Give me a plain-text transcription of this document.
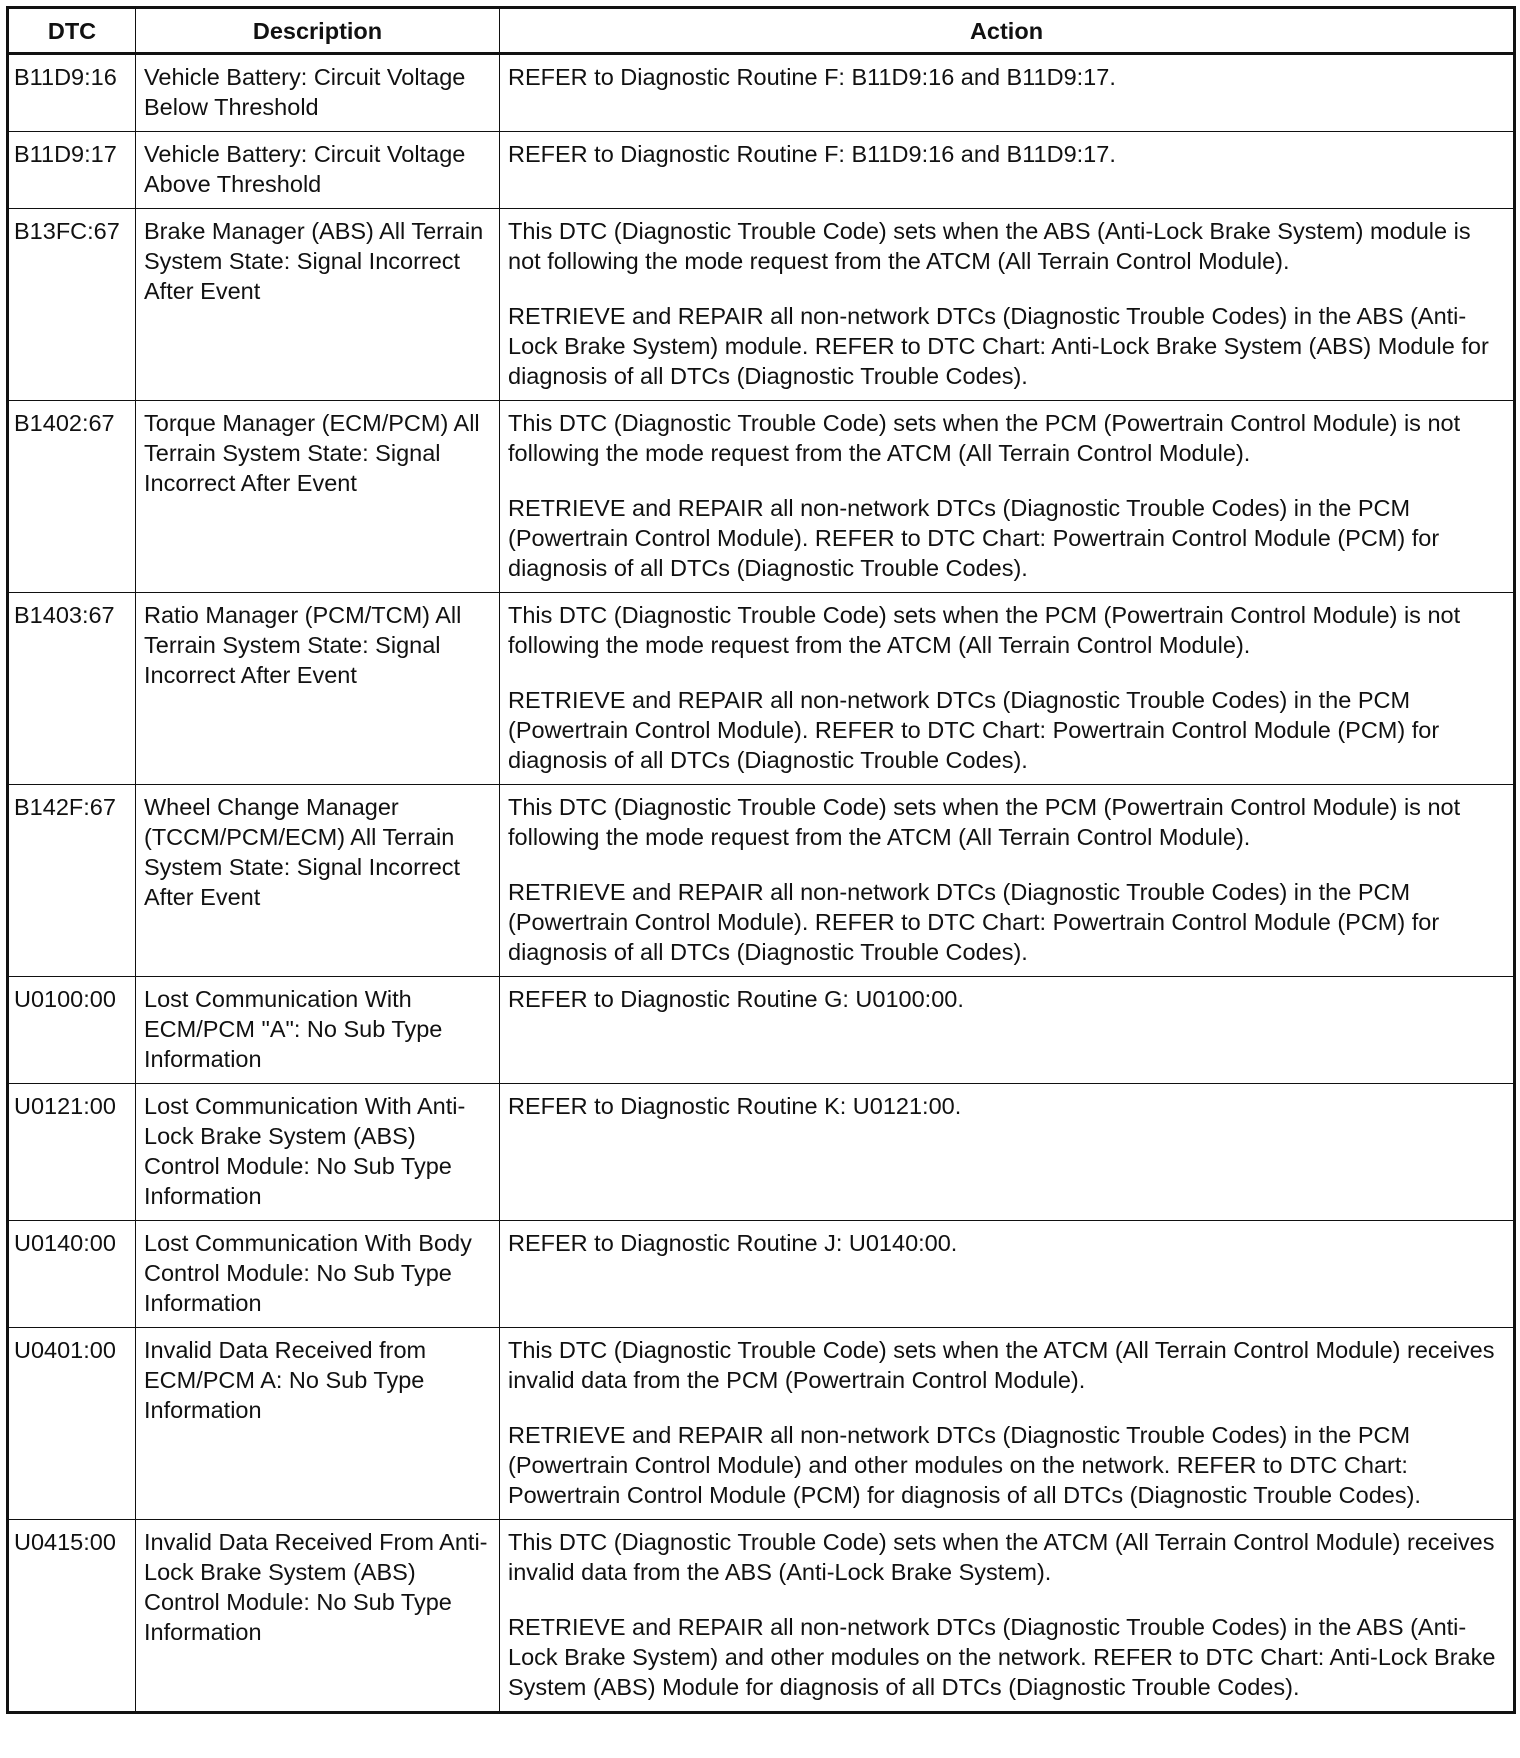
DTC	Description	Action
B11D9:16	Vehicle Battery: Circuit Voltage Below Threshold	REFER to Diagnostic Routine F: B11D9:16 and B11D9:17.

B11D9:17	Vehicle Battery: Circuit Voltage Above Threshold	REFER to Diagnostic Routine F: B11D9:16 and B11D9:17.

B13FC:67	Brake Manager (ABS) All Terrain System State: Signal Incorrect After Event	This DTC (Diagnostic Trouble Code) sets when the ABS (Anti-Lock Brake System) module is not following the mode request from the ATCM (All Terrain Control Module).

RETRIEVE and REPAIR all non-network DTCs (Diagnostic Trouble Codes) in the ABS (Anti-Lock Brake System) module. REFER to DTC Chart: Anti-Lock Brake System (ABS) Module for diagnosis of all DTCs (Diagnostic Trouble Codes).

B1402:67	Torque Manager (ECM/PCM) All Terrain System State: Signal Incorrect After Event	This DTC (Diagnostic Trouble Code) sets when the PCM (Powertrain Control Module) is not following the mode request from the ATCM (All Terrain Control Module).

RETRIEVE and REPAIR all non-network DTCs (Diagnostic Trouble Codes) in the PCM (Powertrain Control Module). REFER to DTC Chart: Powertrain Control Module (PCM) for diagnosis of all DTCs (Diagnostic Trouble Codes).

B1403:67	Ratio Manager (PCM/TCM) All Terrain System State: Signal Incorrect After Event	This DTC (Diagnostic Trouble Code) sets when the PCM (Powertrain Control Module) is not following the mode request from the ATCM (All Terrain Control Module).

RETRIEVE and REPAIR all non-network DTCs (Diagnostic Trouble Codes) in the PCM (Powertrain Control Module). REFER to DTC Chart: Powertrain Control Module (PCM) for diagnosis of all DTCs (Diagnostic Trouble Codes).

B142F:67	Wheel Change Manager (TCCM/PCM/ECM) All Terrain System State: Signal Incorrect After Event	This DTC (Diagnostic Trouble Code) sets when the PCM (Powertrain Control Module) is not following the mode request from the ATCM (All Terrain Control Module).

RETRIEVE and REPAIR all non-network DTCs (Diagnostic Trouble Codes) in the PCM (Powertrain Control Module). REFER to DTC Chart: Powertrain Control Module (PCM) for diagnosis of all DTCs (Diagnostic Trouble Codes).

U0100:00	Lost Communication With ECM/PCM "A": No Sub Type Information	REFER to Diagnostic Routine G: U0100:00.

U0121:00	Lost Communication With Anti-Lock Brake System (ABS) Control Module: No Sub Type Information	REFER to Diagnostic Routine K: U0121:00.

U0140:00	Lost Communication With Body Control Module: No Sub Type Information	REFER to Diagnostic Routine J: U0140:00.

U0401:00	Invalid Data Received from ECM/PCM A: No Sub Type Information	This DTC (Diagnostic Trouble Code) sets when the ATCM (All Terrain Control Module) receives invalid data from the PCM (Powertrain Control Module).

RETRIEVE and REPAIR all non-network DTCs (Diagnostic Trouble Codes) in the PCM (Powertrain Control Module) and other modules on the network. REFER to DTC Chart: Powertrain Control Module (PCM) for diagnosis of all DTCs (Diagnostic Trouble Codes).

U0415:00	Invalid Data Received From Anti-Lock Brake System (ABS) Control Module: No Sub Type Information	This DTC (Diagnostic Trouble Code) sets when the ATCM (All Terrain Control Module) receives invalid data from the ABS (Anti-Lock Brake System).

RETRIEVE and REPAIR all non-network DTCs (Diagnostic Trouble Codes) in the ABS (Anti-Lock Brake System) and other modules on the network. REFER to DTC Chart: Anti-Lock Brake System (ABS) Module for diagnosis of all DTCs (Diagnostic Trouble Codes).
